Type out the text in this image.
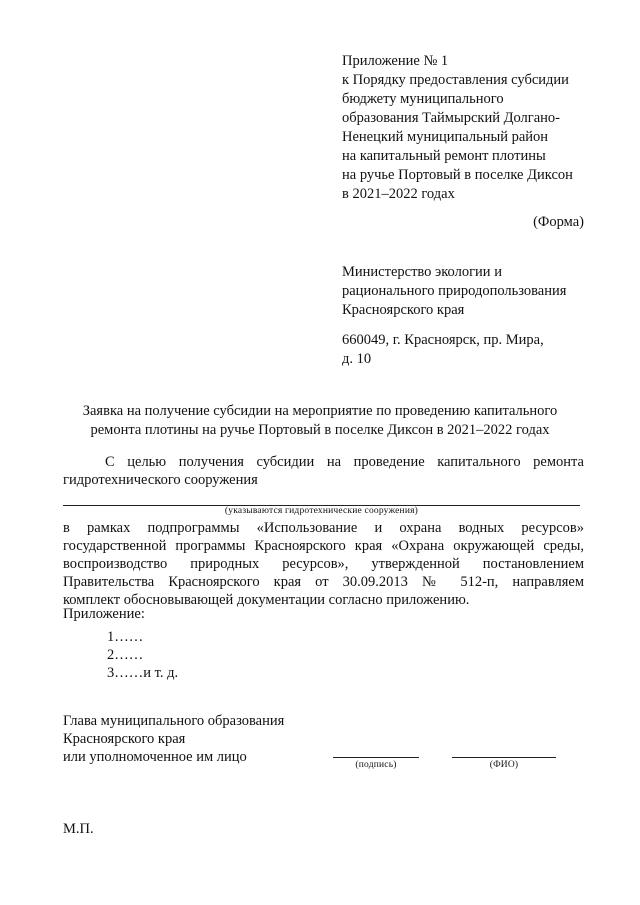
Приложение № 1
к Порядку предоставления субсидии
бюджету муниципального
образования Таймырский Долгано-
Ненецкий муниципальный район
на капитальный ремонт плотины
на ручье Портовый в поселке Диксон
в 2021–2022 годах
(Форма)
Министерство экологии и
рационального природопользования
Красноярского края
660049, г. Красноярск, пр. Мира,
д. 10
Заявка на получение субсидии на мероприятие по проведению капитального
ремонта плотины на ручье Портовый в поселке Диксон в 2021–2022 годах
С целью получения субсидии на проведение капитального ремонта
гидротехнического сооружения
(указываются гидротехнические сооружения)
в рамках подпрограммы «Использование и охрана водных ресурсов»
государственной программы Красноярского края «Охрана окружающей среды,
воспроизводство природных ресурсов», утвержденной постановлением
Правительства Красноярского края от 30.09.2013 № 512-п, направляем
комплект обосновывающей документации согласно приложению.
Приложение:
1……
2……
3……и т. д.
Глава муниципального образования
Красноярского края
или уполномоченное им лицо	(подпись)	(ФИО)
М.П.
